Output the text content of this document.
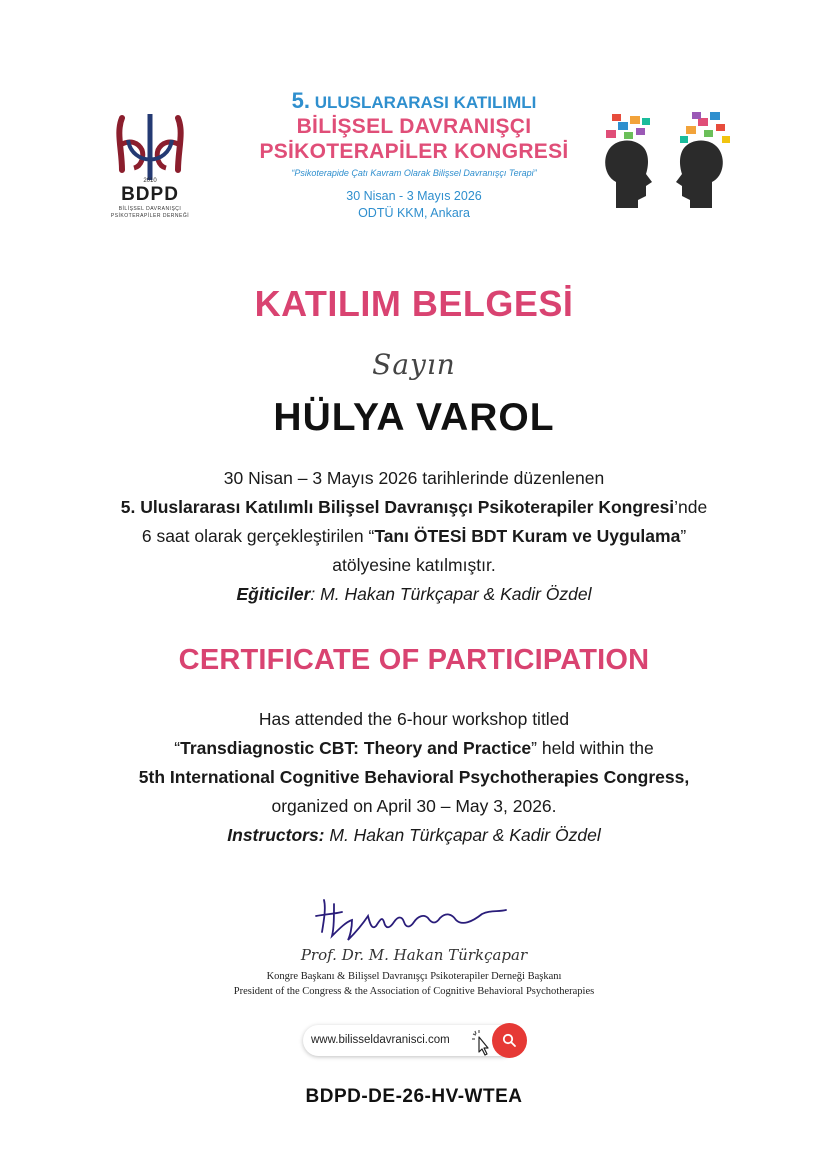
2010
BDPD
BİLİŞSEL DAVRANIŞÇI
PSİKOTERAPİLER DERNEĞİ
5. ULUSLARARASI KATILIMLI
BİLİŞSEL DAVRANIŞÇI
PSİKOTERAPİLER KONGRESİ
“Psikoterapide Çatı Kavram Olarak Bilişsel Davranışçı Terapi”
30 Nisan - 3 Mayıs 2026
ODTÜ KKM, Ankara
KATILIM BELGESİ
Sayın
HÜLYA VAROL
30 Nisan – 3 Mayıs 2026 tarihlerinde düzenlenen
5. Uluslararası Katılımlı Bilişsel Davranışçı Psikoterapiler Kongresi’nde
6 saat olarak gerçekleştirilen “Tanı ÖTESİ BDT Kuram ve Uygulama”
atölyesine katılmıştır.
Eğiticiler: M. Hakan Türkçapar & Kadir Özdel
CERTIFICATE OF PARTICIPATION
Has attended the 6-hour workshop titled
“Transdiagnostic CBT: Theory and Practice” held within the
5th International Cognitive Behavioral Psychotherapies Congress,
organized on April 30 – May 3, 2026.
Instructors: M. Hakan Türkçapar & Kadir Özdel
Prof. Dr. M. Hakan Türkçapar
Kongre Başkanı & Bilişsel Davranışçı Psikoterapiler Derneği Başkanı
President of the Congress & the Association of Cognitive Behavioral Psychotherapies
www.bilisseldavranisci.com
BDPD-DE-26-HV-WTEA
